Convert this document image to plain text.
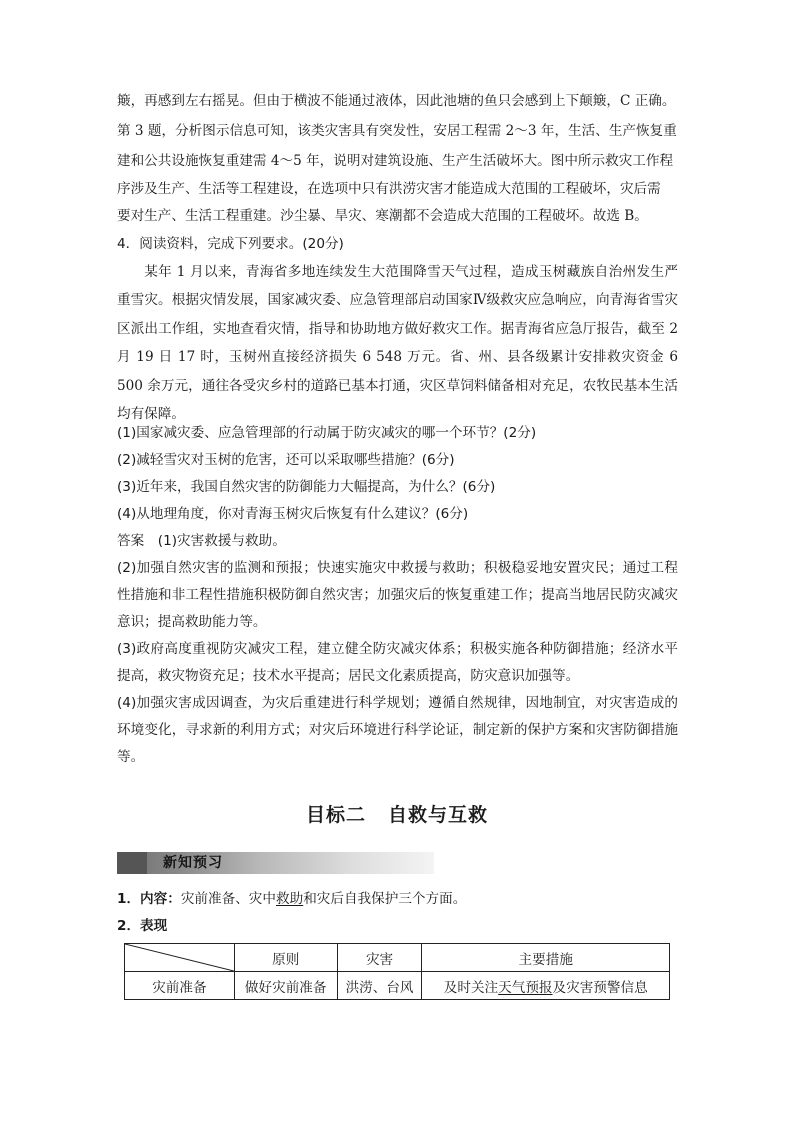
簸，再感到左右摇晃。但由于横波不能通过液体，因此池塘的鱼只会感到上下颠簸，C 正确。

第 3 题，分析图示信息可知，该类灾害具有突发性，安居工程需 2～3 年，生活、生产恢复重

建和公共设施恢复重建需 4～5 年，说明对建筑设施、生产生活破坏大。图中所示救灾工作程

序涉及生产、生活等工程建设，在选项中只有洪涝灾害才能造成大范围的工程破坏，灾后需

要对生产、生活工程重建。沙尘暴、旱灾、寒潮都不会造成大范围的工程破坏。故选 B。

4．阅读资料，完成下列要求。(20分)

某年 1 月以来，青海省多地连续发生大范围降雪天气过程，造成玉树藏族自治州发生严重雪灾。根据灾情发展，国家减灾委、应急管理部启动国家Ⅳ级救灾应急响应，向青海省雪灾区派出工作组，实地查看灾情，指导和协助地方做好救灾工作。据青海省应急厅报告，截至 2 月 19 日 17 时，玉树州直接经济损失 6 548 万元。省、州、县各级累计安排救灾资金 6 500 余万元，通往各受灾乡村的道路已基本打通，灾区草饲料储备相对充足，农牧民基本生活均有保障。

(1)国家减灾委、应急管理部的行动属于防灾减灾的哪一个环节？(2分)

(2)减轻雪灾对玉树的危害，还可以采取哪些措施？(6分)

(3)近年来，我国自然灾害的防御能力大幅提高，为什么？(6分)

(4)从地理角度，你对青海玉树灾后恢复有什么建议？(6分)

答案　(1)灾害救援与救助。

(2)加强自然灾害的监测和预报；快速实施灾中救援与救助；积极稳妥地安置灾民；通过工程性措施和非工程性措施积极防御自然灾害；加强灾后的恢复重建工作；提高当地居民防灾减灾意识；提高救助能力等。

(3)政府高度重视防灾减灾工程，建立健全防灾减灾体系；积极实施各种防御措施；经济水平提高，救灾物资充足；技术水平提高；居民文化素质提高，防灾意识加强等。

(4)加强灾害成因调查，为灾后重建进行科学规划；遵循自然规律，因地制宜，对灾害造成的环境变化，寻求新的利用方式；对灾后环境进行科学论证，制定新的保护方案和灾害防御措施等。

目标二 自救与互救
新知预习

1．内容：灾前准备、灾中救助和灾后自我保护三个方面。

2．表现

	原则	灾害	主要措施
灾前准备	做好灾前准备	洪涝、台风	及时关注天气预报及灾害预警信息
